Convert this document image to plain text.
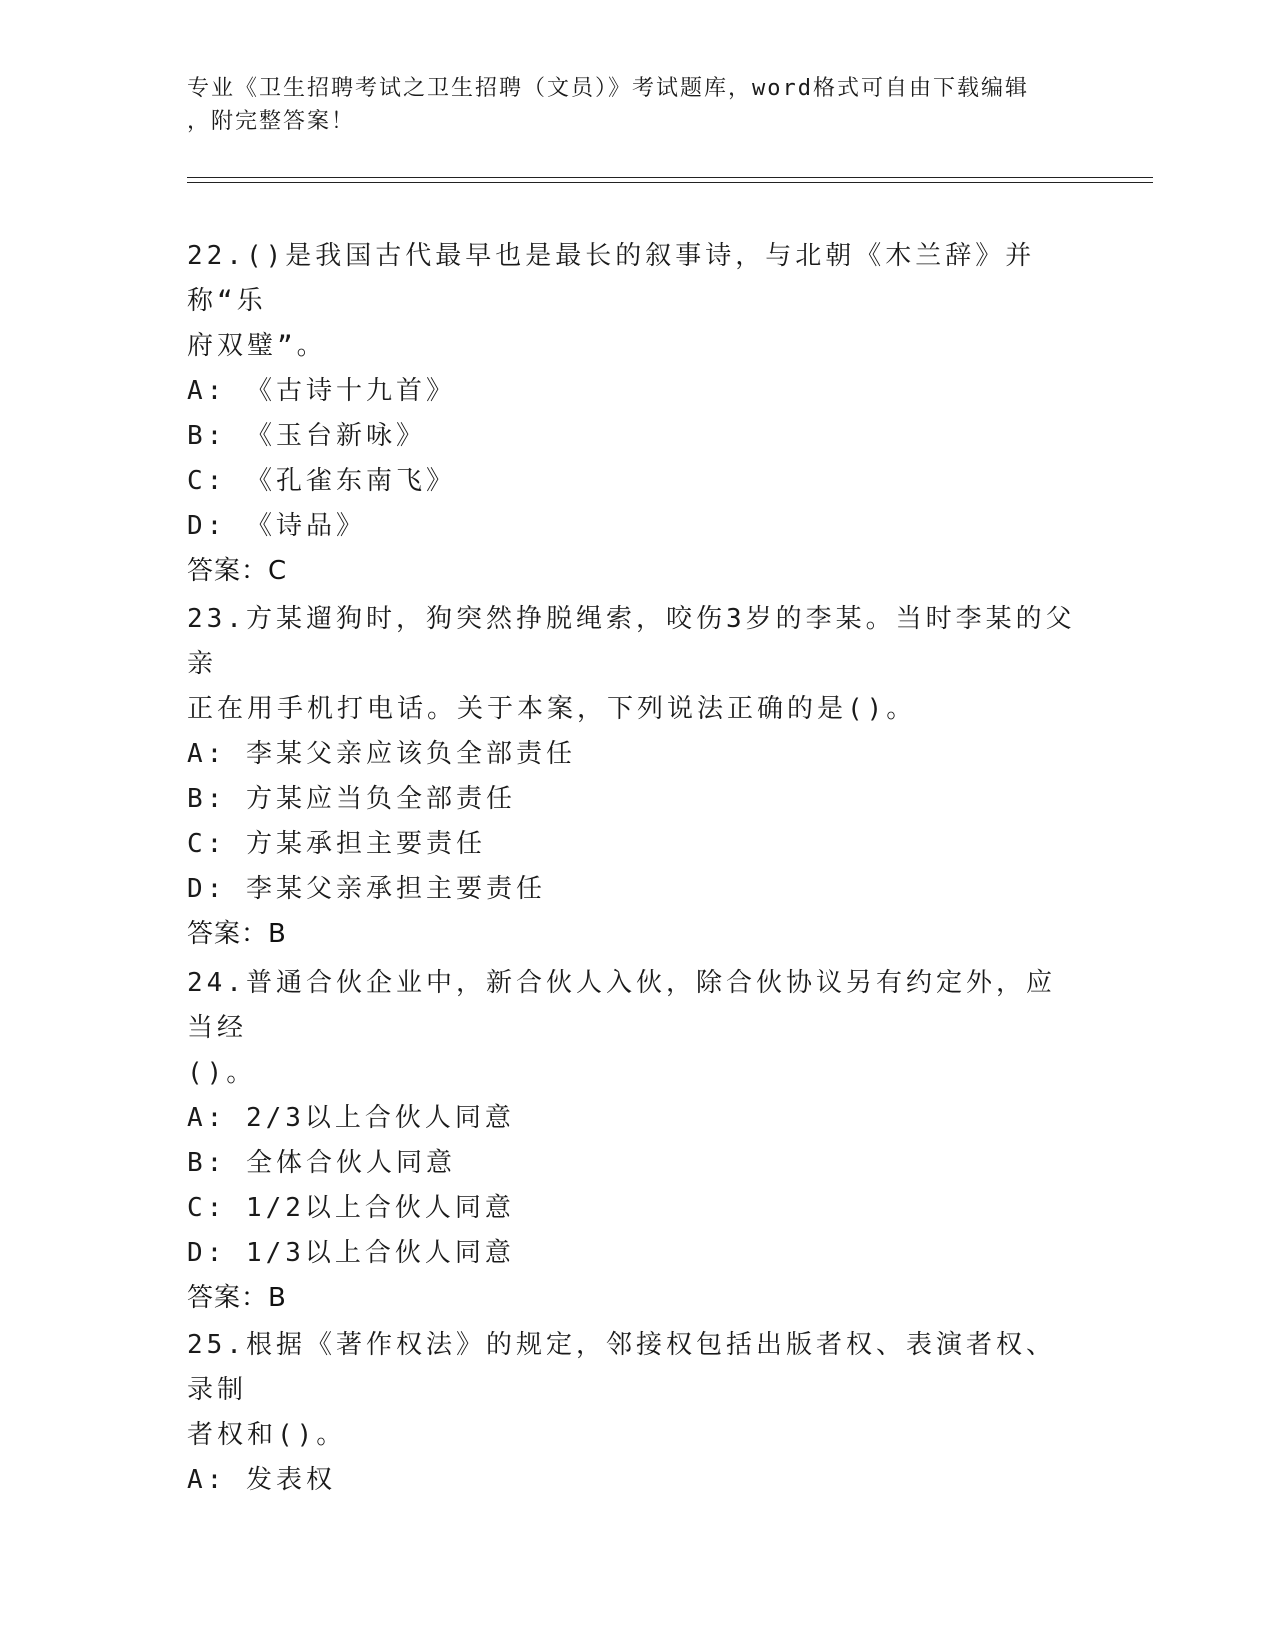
专业《卫生招聘考试之卫生招聘（文员）》考试题库，word格式可自由下载编辑
，附完整答案！

22.()是我国古代最早也是最长的叙事诗，与北朝《木兰辞》并称“乐

府双璧”。

A: 《古诗十九首》

B: 《玉台新咏》

C: 《孔雀东南飞》

D: 《诗品》

答案：C

23.方某遛狗时，狗突然挣脱绳索，咬伤3岁的李某。当时李某的父亲

正在用手机打电话。关于本案，下列说法正确的是()。

A: 李某父亲应该负全部责任

B: 方某应当负全部责任

C: 方某承担主要责任

D: 李某父亲承担主要责任

答案：B

24.普通合伙企业中，新合伙人入伙，除合伙协议另有约定外，应当经

()。

A: 2/3以上合伙人同意

B: 全体合伙人同意

C: 1/2以上合伙人同意

D: 1/3以上合伙人同意

答案：B

25.根据《著作权法》的规定，邻接权包括出版者权、表演者权、录制

者权和()。

A: 发表权
